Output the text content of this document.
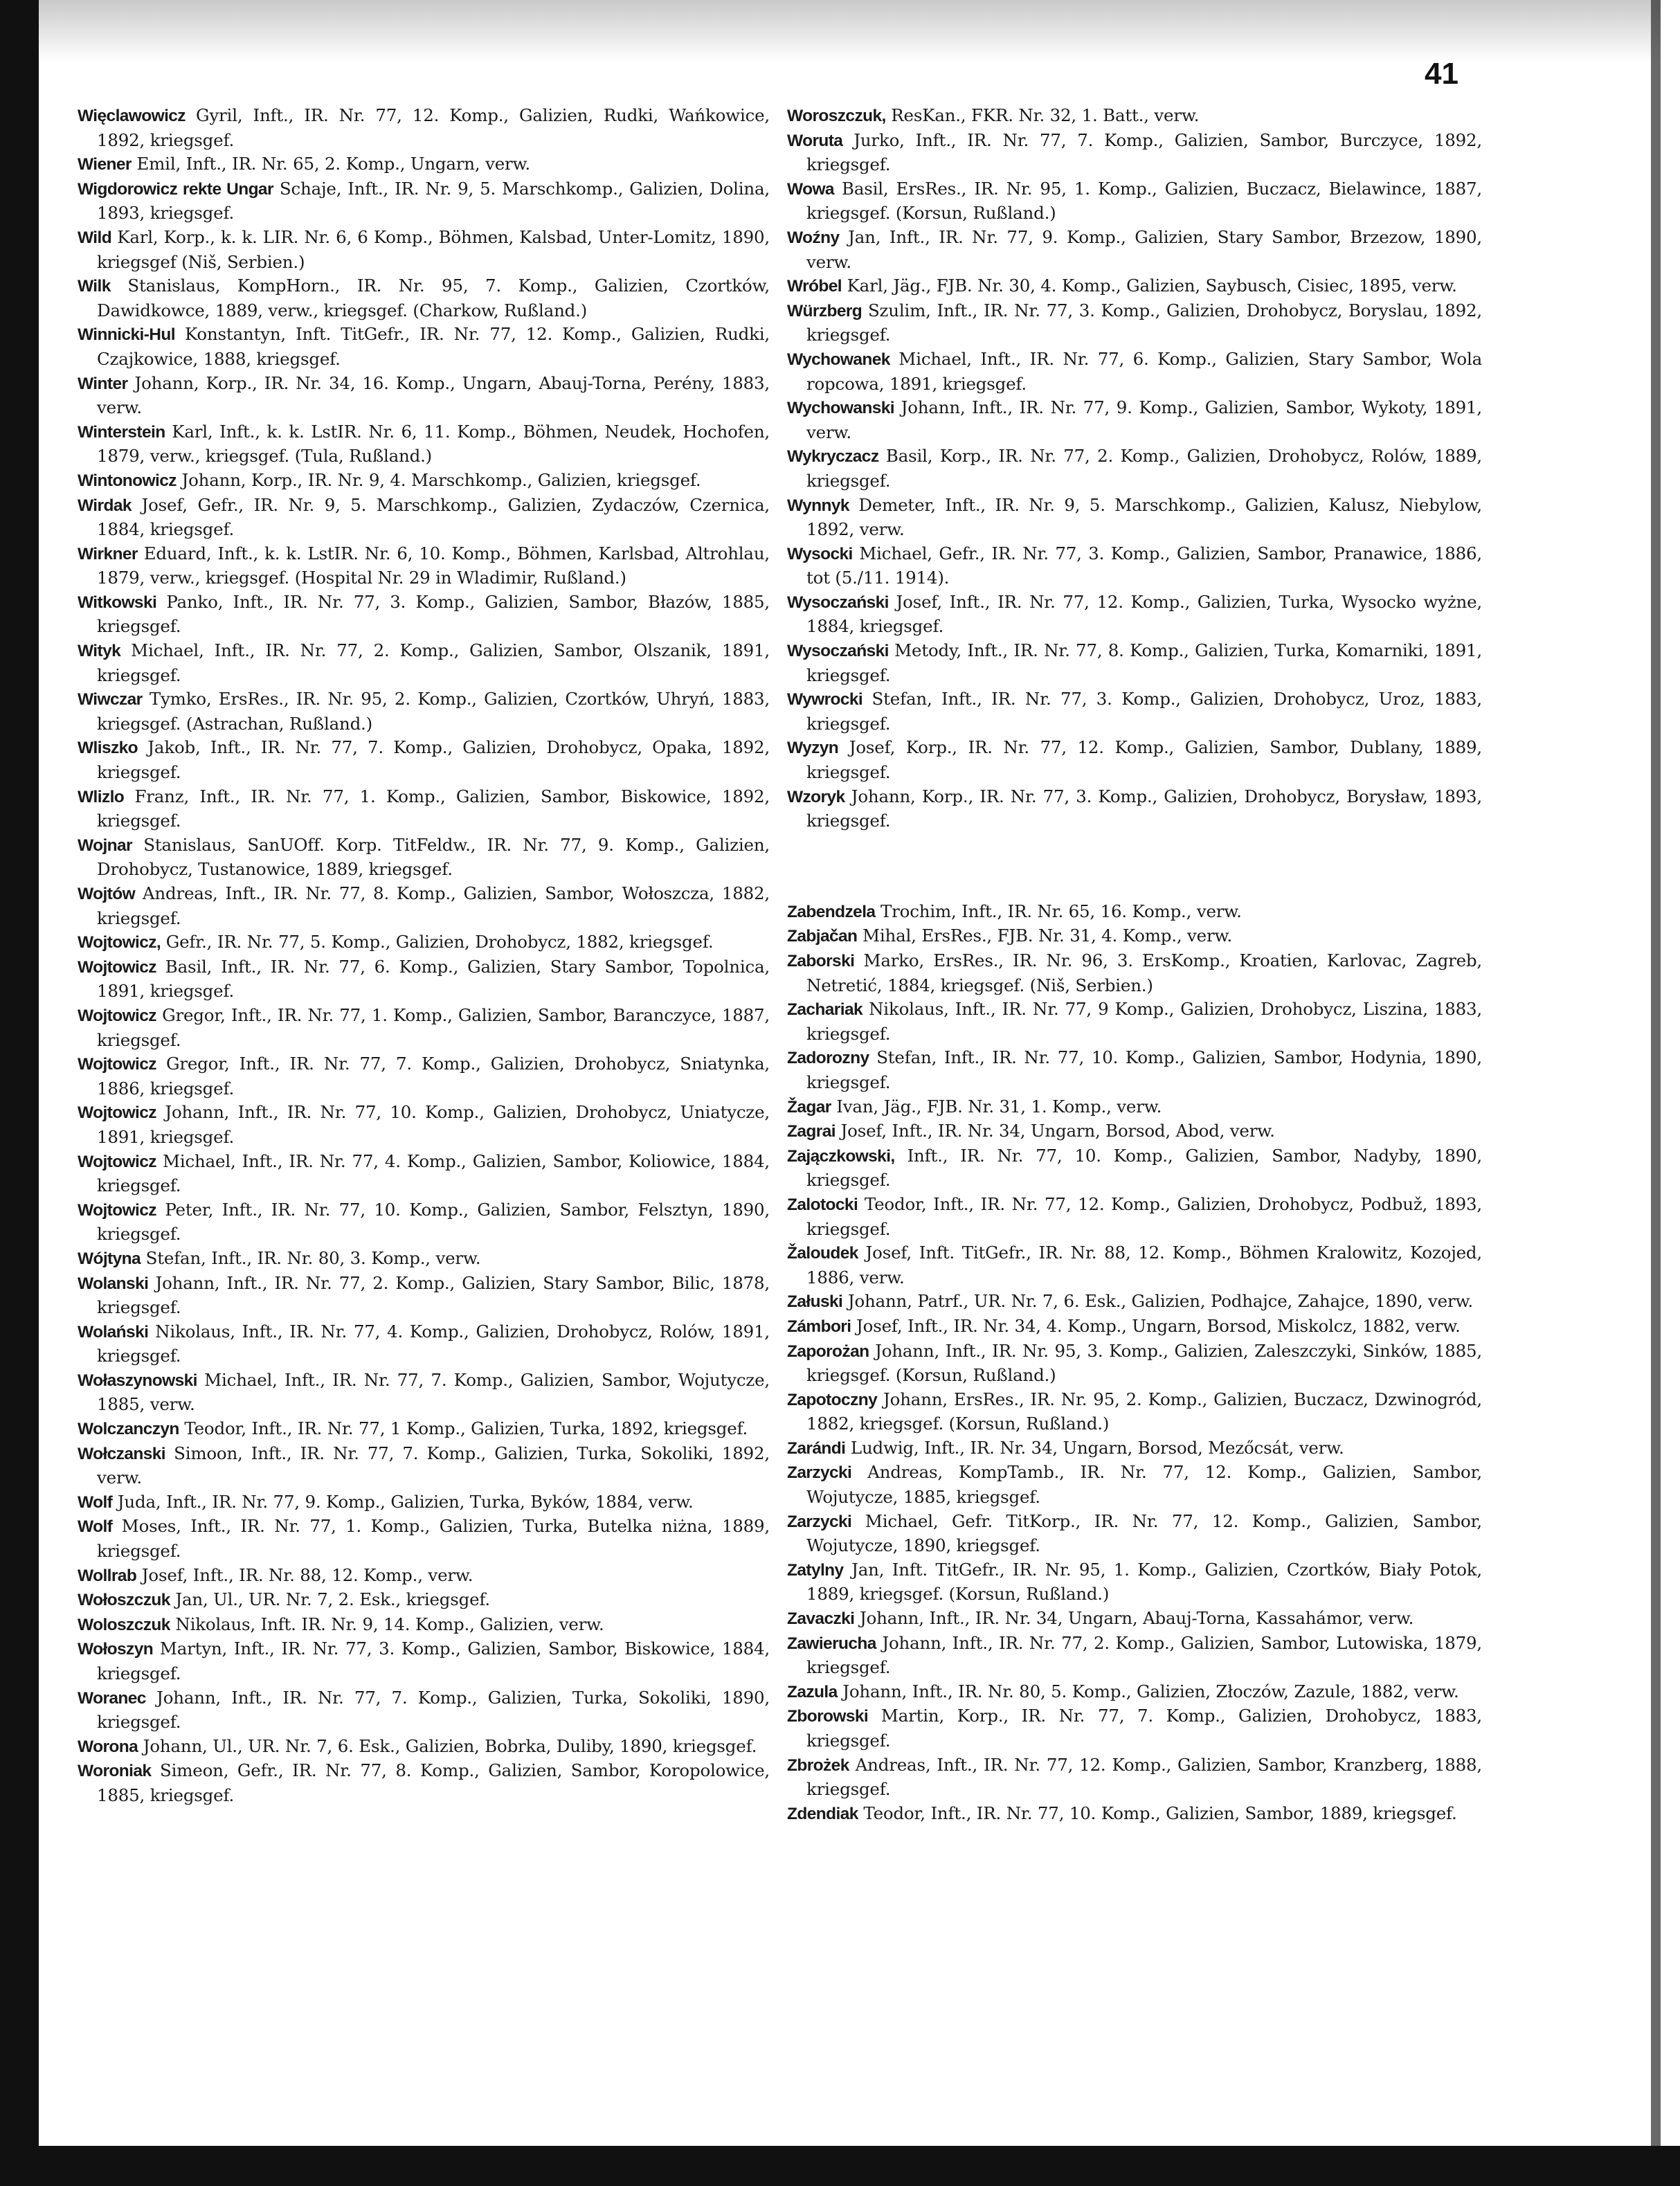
41

Więclawowicz Gyril, Inft., IR. Nr. 77, 12. Komp., Galizien, Rudki, Wańkowice, 1892, kriegsgef.

Wiener Emil, Inft., IR. Nr. 65, 2. Komp., Ungarn, verw.

Wigdorowicz rekte Ungar Schaje, Inft., IR. Nr. 9, 5. Marschkomp., Galizien, Dolina, 1893, kriegsgef.

Wild Karl, Korp., k. k. LIR. Nr. 6, 6 Komp., Böhmen, Kalsbad, Unter-Lomitz, 1890, kriegsgef (Niš, Serbien.)

Wilk Stanislaus, KompHorn., IR. Nr. 95, 7. Komp., Galizien, Czortków, Dawidkowce, 1889, verw., kriegsgef. (Charkow, Rußland.)

Winnicki-Hul Konstantyn, Inft. TitGefr., IR. Nr. 77, 12. Komp., Galizien, Rudki, Czajkowice, 1888, kriegsgef.

Winter Johann, Korp., IR. Nr. 34, 16. Komp., Ungarn, Abauj-Torna, Perény, 1883, verw.

Winterstein Karl, Inft., k. k. LstIR. Nr. 6, 11. Komp., Böhmen, Neudek, Hochofen, 1879, verw., kriegsgef. (Tula, Rußland.)

Wintonowicz Johann, Korp., IR. Nr. 9, 4. Marschkomp., Galizien, kriegsgef.

Wirdak Josef, Gefr., IR. Nr. 9, 5. Marschkomp., Galizien, Zydaczów, Czernica, 1884, kriegsgef.

Wirkner Eduard, Inft., k. k. LstIR. Nr. 6, 10. Komp., Böhmen, Karlsbad, Altrohlau, 1879, verw., kriegsgef. (Hospital Nr. 29 in Wladimir, Rußland.)

Witkowski Panko, Inft., IR. Nr. 77, 3. Komp., Galizien, Sambor, Błazów, 1885, kriegsgef.

Wityk Michael, Inft., IR. Nr. 77, 2. Komp., Galizien, Sambor, Olszanik, 1891, kriegsgef.

Wiwczar Tymko, ErsRes., IR. Nr. 95, 2. Komp., Galizien, Czortków, Uhryń, 1883, kriegsgef. (Astrachan, Rußland.)

Wliszko Jakob, Inft., IR. Nr. 77, 7. Komp., Galizien, Drohobycz, Opaka, 1892, kriegsgef.

Wlizlo Franz, Inft., IR. Nr. 77, 1. Komp., Galizien, Sambor, Biskowice, 1892, kriegsgef.

Wojnar Stanislaus, SanUOff. Korp. TitFeldw., IR. Nr. 77, 9. Komp., Galizien, Drohobycz, Tustanowice, 1889, kriegsgef.

Wojtów Andreas, Inft., IR. Nr. 77, 8. Komp., Galizien, Sambor, Wołoszcza, 1882, kriegsgef.

Wojtowicz, Gefr., IR. Nr. 77, 5. Komp., Galizien, Drohobycz, 1882, kriegsgef.

Wojtowicz Basil, Inft., IR. Nr. 77, 6. Komp., Galizien, Stary Sambor, Topolnica, 1891, kriegsgef.

Wojtowicz Gregor, Inft., IR. Nr. 77, 1. Komp., Galizien, Sambor, Baranczyce, 1887, kriegsgef.

Wojtowicz Gregor, Inft., IR. Nr. 77, 7. Komp., Galizien, Drohobycz, Sniatynka, 1886, kriegsgef.

Wojtowicz Johann, Inft., IR. Nr. 77, 10. Komp., Galizien, Drohobycz, Uniatycze, 1891, kriegsgef.

Wojtowicz Michael, Inft., IR. Nr. 77, 4. Komp., Galizien, Sambor, Koliowice, 1884, kriegsgef.

Wojtowicz Peter, Inft., IR. Nr. 77, 10. Komp., Galizien, Sambor, Felsztyn, 1890, kriegsgef.

Wójtyna Stefan, Inft., IR. Nr. 80, 3. Komp., verw.

Wolanski Johann, Inft., IR. Nr. 77, 2. Komp., Galizien, Stary Sambor, Bilic, 1878, kriegsgef.

Wolański Nikolaus, Inft., IR. Nr. 77, 4. Komp., Galizien, Drohobycz, Rolów, 1891, kriegsgef.

Wołaszynowski Michael, Inft., IR. Nr. 77, 7. Komp., Galizien, Sambor, Wojutycze, 1885, verw.

Wolczanczyn Teodor, Inft., IR. Nr. 77, 1 Komp., Galizien, Turka, 1892, kriegsgef.

Wołczanski Simoon, Inft., IR. Nr. 77, 7. Komp., Galizien, Turka, Sokoliki, 1892, verw.

Wolf Juda, Inft., IR. Nr. 77, 9. Komp., Galizien, Turka, Byków, 1884, verw.

Wolf Moses, Inft., IR. Nr. 77, 1. Komp., Galizien, Turka, Butelka niżna, 1889, kriegsgef.

Wollrab Josef, Inft., IR. Nr. 88, 12. Komp., verw.

Wołoszczuk Jan, Ul., UR. Nr. 7, 2. Esk., kriegsgef.

Woloszczuk Nikolaus, Inft. IR. Nr. 9, 14. Komp., Galizien, verw.

Wołoszyn Martyn, Inft., IR. Nr. 77, 3. Komp., Galizien, Sambor, Biskowice, 1884, kriegsgef.

Woranec Johann, Inft., IR. Nr. 77, 7. Komp., Galizien, Turka, Sokoliki, 1890, kriegsgef.

Worona Johann, Ul., UR. Nr. 7, 6. Esk., Galizien, Bobrka, Duliby, 1890, kriegsgef.

Woroniak Simeon, Gefr., IR. Nr. 77, 8. Komp., Galizien, Sambor, Koropolowice, 1885, kriegsgef.

Woroszczuk, ResKan., FKR. Nr. 32, 1. Batt., verw.

Woruta Jurko, Inft., IR. Nr. 77, 7. Komp., Galizien, Sambor, Burczyce, 1892, kriegsgef.

Wowa Basil, ErsRes., IR. Nr. 95, 1. Komp., Galizien, Buczacz, Bielawince, 1887, kriegsgef. (Korsun, Rußland.)

Woźny Jan, Inft., IR. Nr. 77, 9. Komp., Galizien, Stary Sambor, Brzezow, 1890, verw.

Wróbel Karl, Jäg., FJB. Nr. 30, 4. Komp., Galizien, Saybusch, Cisiec, 1895, verw.

Würzberg Szulim, Inft., IR. Nr. 77, 3. Komp., Galizien, Drohobycz, Boryslau, 1892, kriegsgef.

Wychowanek Michael, Inft., IR. Nr. 77, 6. Komp., Galizien, Stary Sambor, Wola ropcowa, 1891, kriegsgef.

Wychowanski Johann, Inft., IR. Nr. 77, 9. Komp., Galizien, Sambor, Wykoty, 1891, verw.

Wykryczacz Basil, Korp., IR. Nr. 77, 2. Komp., Galizien, Drohobycz, Rolów, 1889, kriegsgef.

Wynnyk Demeter, Inft., IR. Nr. 9, 5. Marschkomp., Galizien, Kalusz, Niebylow, 1892, verw.

Wysocki Michael, Gefr., IR. Nr. 77, 3. Komp., Galizien, Sambor, Pranawice, 1886, tot (5./11. 1914).

Wysoczański Josef, Inft., IR. Nr. 77, 12. Komp., Galizien, Turka, Wysocko wyżne, 1884, kriegsgef.

Wysoczański Metody, Inft., IR. Nr. 77, 8. Komp., Galizien, Turka, Komarniki, 1891, kriegsgef.

Wywrocki Stefan, Inft., IR. Nr. 77, 3. Komp., Galizien, Drohobycz, Uroz, 1883, kriegsgef.

Wyzyn Josef, Korp., IR. Nr. 77, 12. Komp., Galizien, Sambor, Dublany, 1889, kriegsgef.

Wzoryk Johann, Korp., IR. Nr. 77, 3. Komp., Galizien, Drohobycz, Borysław, 1893, kriegsgef.

Zabendzela Trochim, Inft., IR. Nr. 65, 16. Komp., verw.

Zabjačan Mihal, ErsRes., FJB. Nr. 31, 4. Komp., verw.

Zaborski Marko, ErsRes., IR. Nr. 96, 3. ErsKomp., Kroatien, Karlovac, Zagreb, Netretić, 1884, kriegsgef. (Niš, Serbien.)

Zachariak Nikolaus, Inft., IR. Nr. 77, 9 Komp., Galizien, Drohobycz, Liszina, 1883, kriegsgef.

Zadorozny Stefan, Inft., IR. Nr. 77, 10. Komp., Galizien, Sambor, Hodynia, 1890, kriegsgef.

Žagar Ivan, Jäg., FJB. Nr. 31, 1. Komp., verw.

Zagrai Josef, Inft., IR. Nr. 34, Ungarn, Borsod, Abod, verw.

Zajączkowski, Inft., IR. Nr. 77, 10. Komp., Galizien, Sambor, Nadyby, 1890, kriegsgef.

Zalotocki Teodor, Inft., IR. Nr. 77, 12. Komp., Galizien, Drohobycz, Podbuž, 1893, kriegsgef.

Žaloudek Josef, Inft. TitGefr., IR. Nr. 88, 12. Komp., Böhmen Kralowitz, Kozojed, 1886, verw.

Załuski Johann, Patrf., UR. Nr. 7, 6. Esk., Galizien, Podhajce, Zahajce, 1890, verw.

Zámbori Josef, Inft., IR. Nr. 34, 4. Komp., Ungarn, Borsod, Miskolcz, 1882, verw.

Zaporożan Johann, Inft., IR. Nr. 95, 3. Komp., Galizien, Zaleszczyki, Sinków, 1885, kriegsgef. (Korsun, Rußland.)

Zapotoczny Johann, ErsRes., IR. Nr. 95, 2. Komp., Galizien, Buczacz, Dzwinogród, 1882, kriegsgef. (Korsun, Rußland.)

Zarándi Ludwig, Inft., IR. Nr. 34, Ungarn, Borsod, Mezőcsát, verw.

Zarzycki Andreas, KompTamb., IR. Nr. 77, 12. Komp., Galizien, Sambor, Wojutycze, 1885, kriegsgef.

Zarzycki Michael, Gefr. TitKorp., IR. Nr. 77, 12. Komp., Galizien, Sambor, Wojutycze, 1890, kriegsgef.

Zatylny Jan, Inft. TitGefr., IR. Nr. 95, 1. Komp., Galizien, Czortków, Biały Potok, 1889, kriegsgef. (Korsun, Rußland.)

Zavaczki Johann, Inft., IR. Nr. 34, Ungarn, Abauj-Torna, Kassahámor, verw.

Zawierucha Johann, Inft., IR. Nr. 77, 2. Komp., Galizien, Sambor, Lutowiska, 1879, kriegsgef.

Zazula Johann, Inft., IR. Nr. 80, 5. Komp., Galizien, Złoczów, Zazule, 1882, verw.

Zborowski Martin, Korp., IR. Nr. 77, 7. Komp., Galizien, Drohobycz, 1883, kriegsgef.

Zbrożek Andreas, Inft., IR. Nr. 77, 12. Komp., Galizien, Sambor, Kranzberg, 1888, kriegsgef.

Zdendiak Teodor, Inft., IR. Nr. 77, 10. Komp., Galizien, Sambor, 1889, kriegsgef.
